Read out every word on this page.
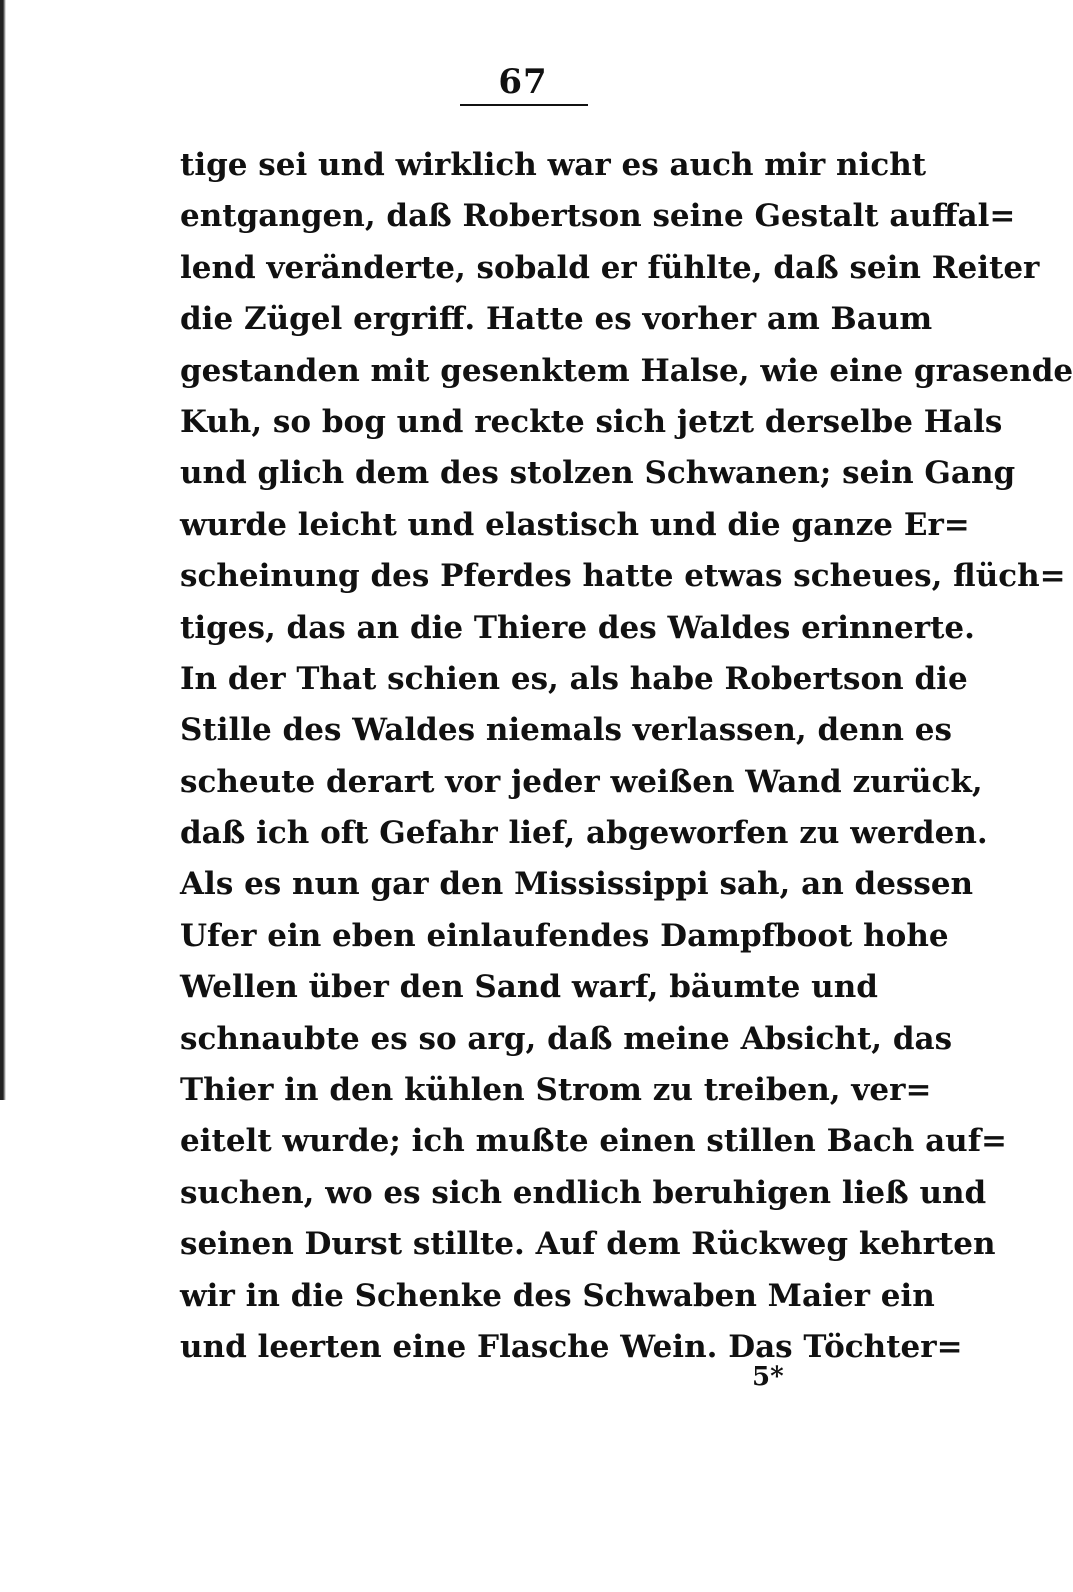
67
tige sei und wirklich war es auch mir nicht
entgangen, daß Robertson seine Gestalt auffal=
lend veränderte, sobald er fühlte, daß sein Reiter
die Zügel ergriff. Hatte es vorher am Baum
gestanden mit gesenktem Halse, wie eine grasende
Kuh, so bog und reckte sich jetzt derselbe Hals
und glich dem des stolzen Schwanen; sein Gang
wurde leicht und elastisch und die ganze Er=
scheinung des Pferdes hatte etwas scheues, flüch=
tiges, das an die Thiere des Waldes erinnerte.
In der That schien es, als habe Robertson die
Stille des Waldes niemals verlassen, denn es
scheute derart vor jeder weißen Wand zurück,
daß ich oft Gefahr lief, abgeworfen zu werden.
Als es nun gar den Mississippi sah, an dessen
Ufer ein eben einlaufendes Dampfboot hohe
Wellen über den Sand warf, bäumte und
schnaubte es so arg, daß meine Absicht, das
Thier in den kühlen Strom zu treiben, ver=
eitelt wurde; ich mußte einen stillen Bach auf=
suchen, wo es sich endlich beruhigen ließ und
seinen Durst stillte. Auf dem Rückweg kehrten
wir in die Schenke des Schwaben Maier ein
und leerten eine Flasche Wein. Das Töchter=
5*
